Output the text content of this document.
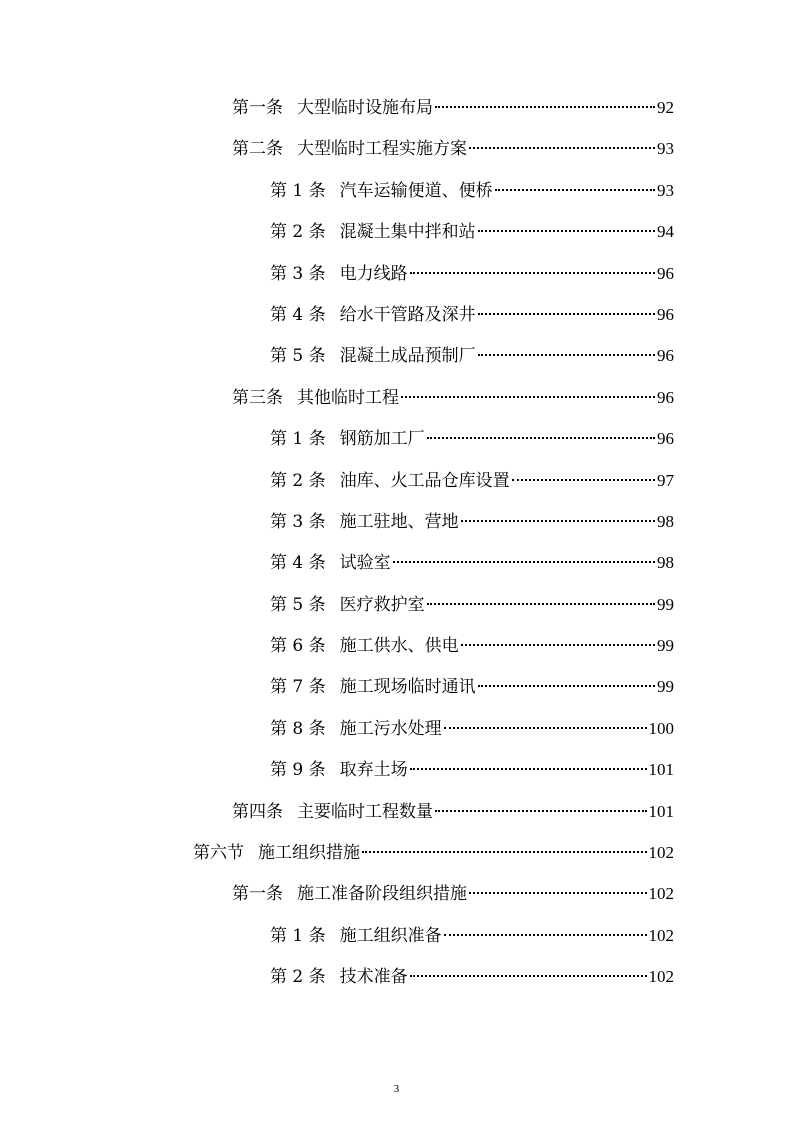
第一条 大型临时设施布局	92
第二条 大型临时工程实施方案	93
第 1 条 汽车运输便道、便桥	93
第 2 条 混凝土集中拌和站	94
第 3 条 电力线路	96
第 4 条 给水干管路及深井	96
第 5 条 混凝土成品预制厂	96
第三条 其他临时工程	96
第 1 条 钢筋加工厂	96
第 2 条 油库、火工品仓库设置	97
第 3 条 施工驻地、营地	98
第 4 条 试验室	98
第 5 条 医疗救护室	99
第 6 条 施工供水、供电	99
第 7 条 施工现场临时通讯	99
第 8 条 施工污水处理	100
第 9 条 取弃土场	101
第四条 主要临时工程数量	101
第六节 施工组织措施	102
第一条 施工准备阶段组织措施	102
第 1 条 施工组织准备	102
第 2 条 技术准备	102
3
